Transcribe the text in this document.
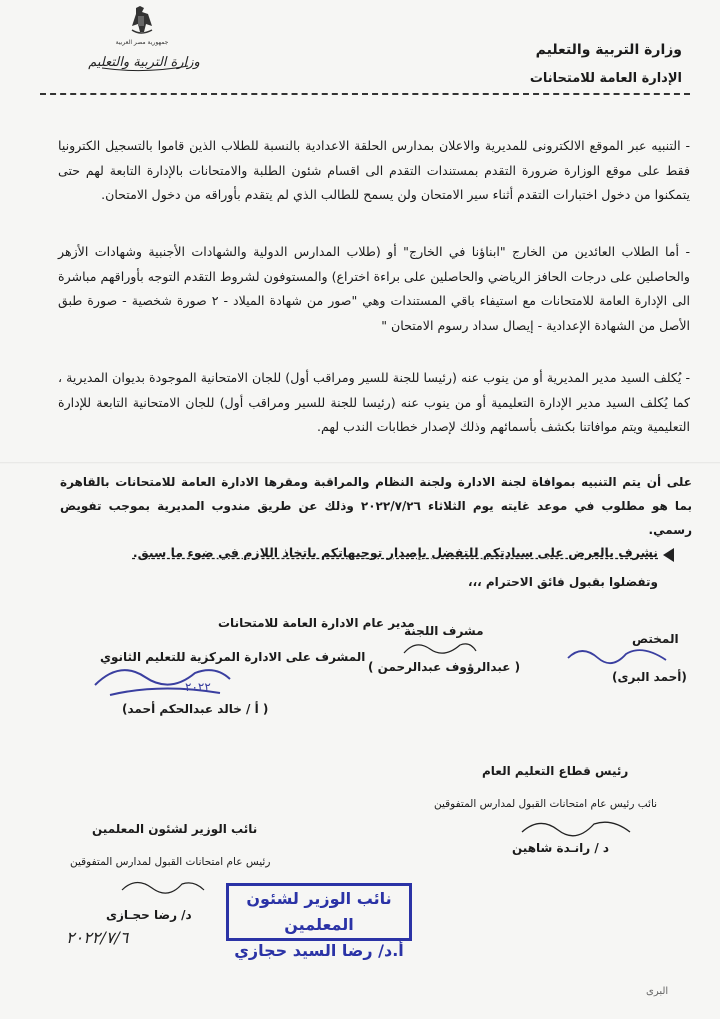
جمهورية مصر العربية
وزارة التربية والتعليم
وزارة التربية والتعليم
الإدارة العامة للامتحانات
- التنبيه عبر الموقع الالكترونى للمديرية والاعلان بمدارس الحلقة الاعدادية بالنسبة للطلاب الذين قاموا بالتسجيل الكترونيا فقط على موقع الوزارة ضرورة التقدم بمستندات التقدم الى اقسام شئون الطلبة والامتحانات بالإدارة التابعة لهم حتى يتمكنوا من دخول اختبارات التقدم أثناء سير الامتحان ولن يسمح للطالب الذي لم يتقدم بأوراقه من دخول الامتحان.
- أما الطلاب العائدين من الخارج "ابناؤنا في الخارج" أو (طلاب المدارس الدولية والشهادات الأجنبية وشهادات الأزهر والحاصلين على درجات الحافز الرياضي والحاصلين على براءة اختراع) والمستوفون لشروط التقدم التوجه بأوراقهم مباشرة الى الإدارة العامة للامتحانات مع استيفاء باقي المستندات وهي "صور من شهادة الميلاد - ٢ صورة شخصية - صورة طبق الأصل من الشهادة الإعدادية - إيصال سداد رسوم الامتحان "
- يُكلف السيد مدير المديرية أو من ينوب عنه (رئيسا للجنة للسير ومراقب أول) للجان الامتحانية الموجودة بديوان المديرية ، كما يُكلف السيد مدير الإدارة التعليمية أو من ينوب عنه (رئيسا للجنة للسير ومراقب أول) للجان الامتحانية التابعة للإدارة التعليمية ويتم موافاتنا بكشف بأسمائهم وذلك لإصدار خطابات الندب لهم.
على أن يتم التنبيه بموافاة لجنة الادارة ولجنة النظام والمراقبة ومقرها الادارة العامة للامتحانات بالقاهرة بما هو مطلوب في موعد غايته يوم الثلاثاء ٢٠٢٢/٧/٢٦ وذلك عن طريق مندوب المديرية بموجب تفويض رسمي.
نشرف بالعرض على سيادتكم للتفضل بإصدار توجيهاتكم باتخاذ اللازم في ضوء ما سبق.
وتفضلوا بقبول فائق الاحترام ،،،
مدير عام الادارة العامة للامتحانات
المشرف على الادارة المركزية للتعليم الثانوي
٢٠٢٢
( أ / خالد عبدالحكم أحمد)
مشرف اللجنة
( عبدالرؤوف عبدالرحمن )
المختص
(أحمد البرى)
رئيس قطاع التعليم العام
نائب رئيس عام امتحانات القبول لمدارس المتفوقين
د / رانـدة شاهين
نائب الوزير لشئون المعلمين
رئيس عام امتحانات القبول لمدارس المتفوقين
د/ رضا حجـازى
٢٠٢٢/٧/٦
نائب الوزير لشئون المعلمين
أ.د/ رضا السيد حجازي
البرى
